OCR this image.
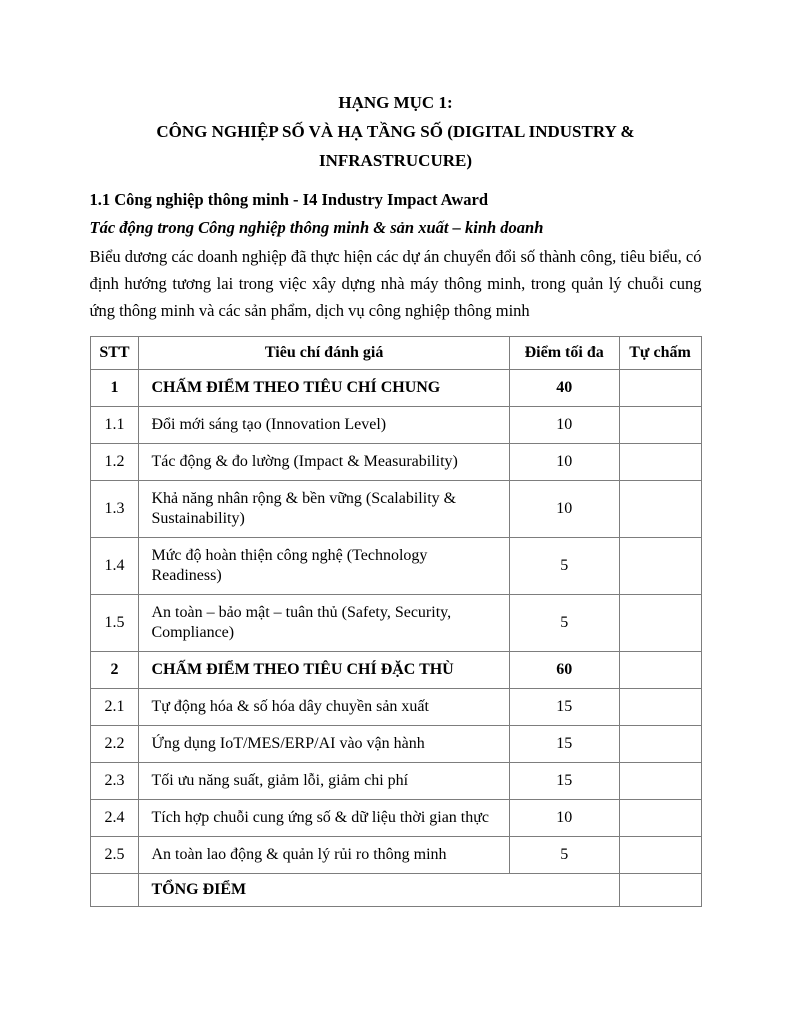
HẠNG MỤC 1:
CÔNG NGHIỆP SỐ VÀ HẠ TẦNG SỐ (DIGITAL INDUSTRY &
INFRASTRUCURE)
1.1 Công nghiệp thông minh - I4 Industry Impact Award
Tác động trong Công nghiệp thông minh & sản xuất – kinh doanh
Biểu dương các doanh nghiệp đã thực hiện các dự án chuyển đổi số thành công, tiêu biểu, có định hướng tương lai trong việc xây dựng nhà máy thông minh, trong quản lý chuỗi cung ứng thông minh và các sản phẩm, dịch vụ công nghiệp thông minh
STT	Tiêu chí đánh giá	Điểm tối đa	Tự chấm
1	CHẤM ĐIỂM THEO TIÊU CHÍ CHUNG	40	
1.1	Đổi mới sáng tạo (Innovation Level)	10	
1.2	Tác động & đo lường (Impact & Measurability)	10	
1.3	Khả năng nhân rộng & bền vững (Scalability & Sustainability)	10	
1.4	Mức độ hoàn thiện công nghệ (Technology Readiness)	5	
1.5	An toàn – bảo mật – tuân thủ (Safety, Security, Compliance)	5	
2	CHẤM ĐIỂM THEO TIÊU CHÍ ĐẶC THÙ	60	
2.1	Tự động hóa & số hóa dây chuyền sản xuất	15	
2.2	Ứng dụng IoT/MES/ERP/AI vào vận hành	15	
2.3	Tối ưu năng suất, giảm lỗi, giảm chi phí	15	
2.4	Tích hợp chuỗi cung ứng số & dữ liệu thời gian thực	10	
2.5	An toàn lao động & quản lý rủi ro thông minh	5	
	TỔNG ĐIỂM		
